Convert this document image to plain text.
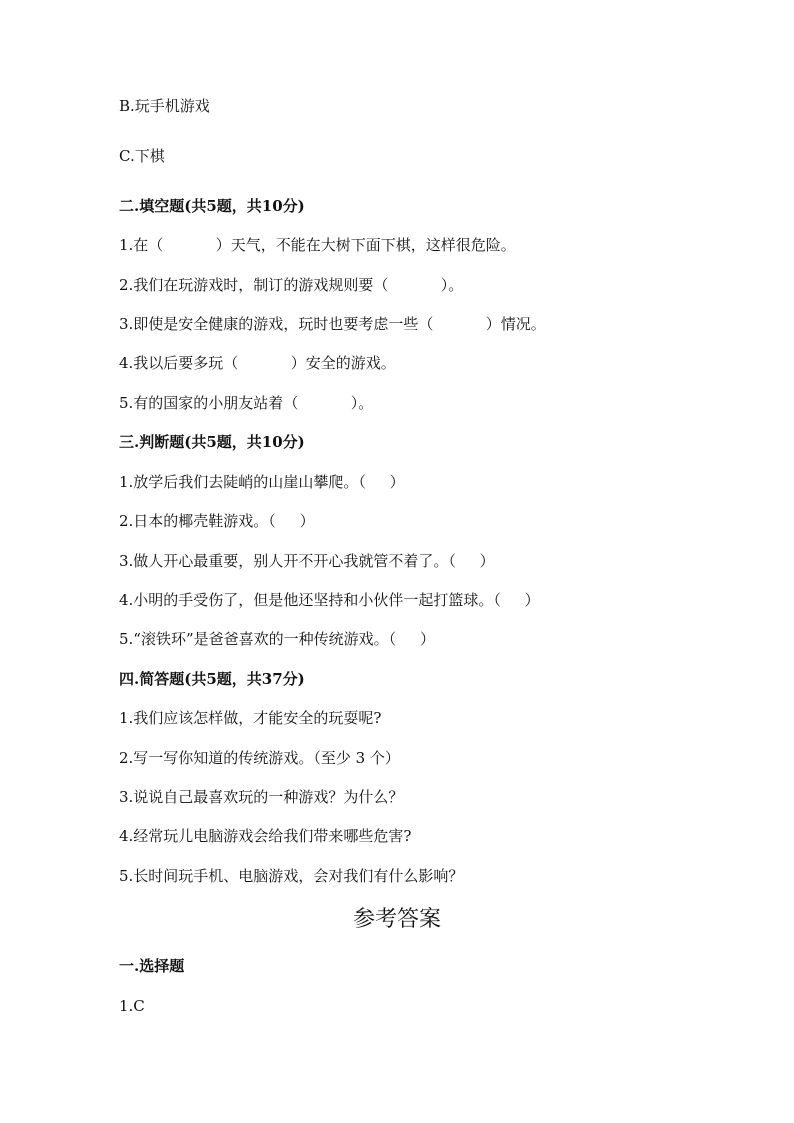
B.玩手机游戏
C.下棋
二.填空题(共5题，共10分)
1.在（           ）天气，不能在大树下面下棋，这样很危险。
2.我们在玩游戏时，制订的游戏规则要（           ）。
3.即使是安全健康的游戏，玩时也要考虑一些（           ）情况。
4.我以后要多玩（           ）安全的游戏。
5.有的国家的小朋友站着（           ）。
三.判断题(共5题，共10分)
1.放学后我们去陡峭的山崖山攀爬。（     ）
2.日本的椰壳鞋游戏。（     ）
3.做人开心最重要，别人开不开心我就管不着了。（     ）
4.小明的手受伤了，但是他还坚持和小伙伴一起打篮球。（     ）
5.“滚铁环”是爸爸喜欢的一种传统游戏。（     ）
四.简答题(共5题，共37分)
1.我们应该怎样做，才能安全的玩耍呢?
2.写一写你知道的传统游戏。（至少 3 个）
3.说说自己最喜欢玩的一种游戏？为什么？
4.经常玩儿电脑游戏会给我们带来哪些危害?
5.长时间玩手机、电脑游戏，会对我们有什么影响？
参考答案
一.选择题
1.C
